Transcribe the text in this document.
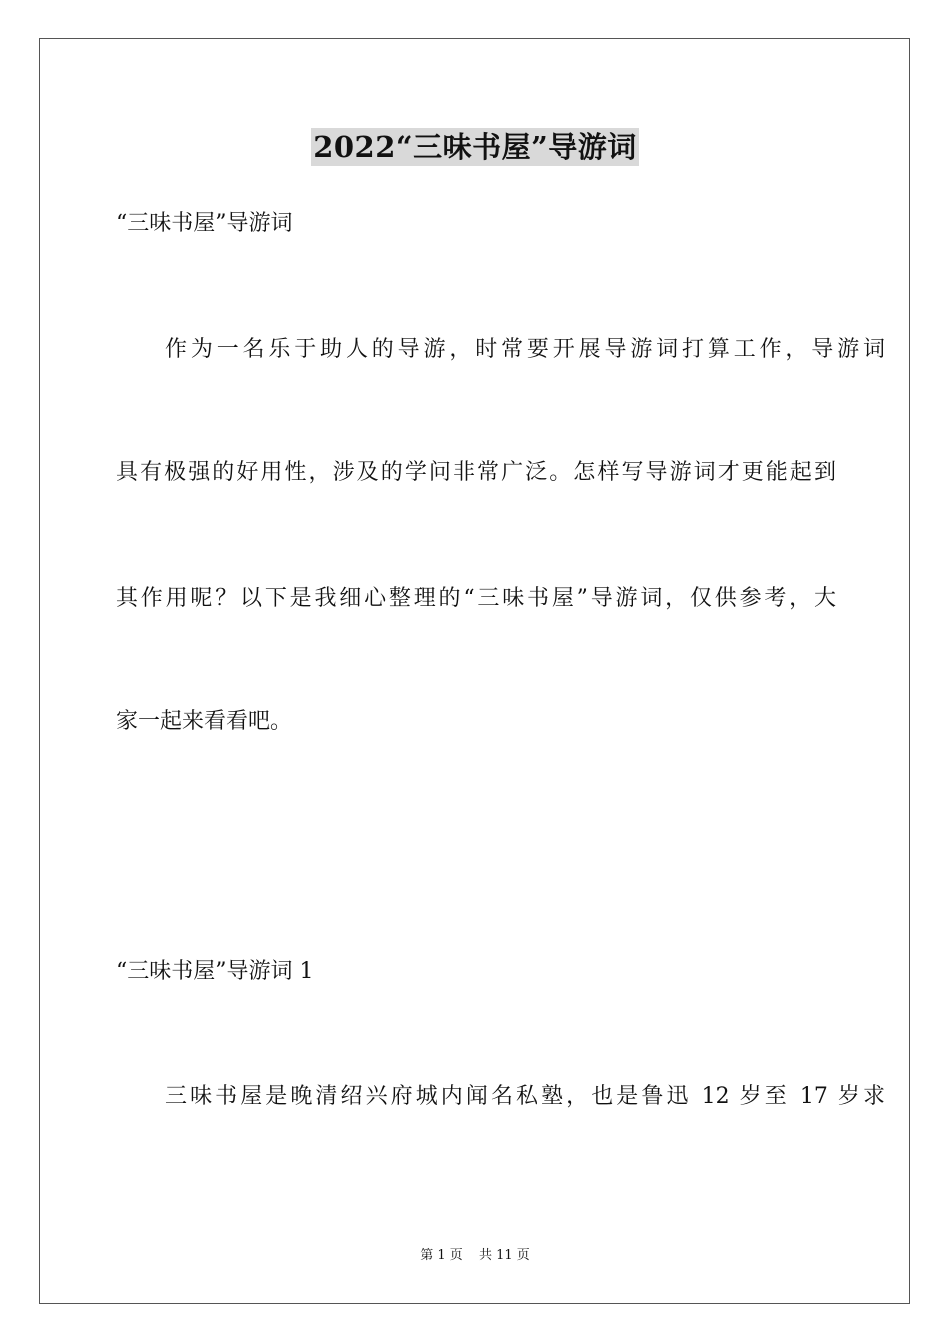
2022“三味书屋”导游词
“三味书屋”导游词
作为一名乐于助人的导游，时常要开展导游词打算工作，导游词
具有极强的好用性，涉及的学问非常广泛。怎样写导游词才更能起到
其作用呢？以下是我细心整理的“三味书屋”导游词，仅供参考，大
家一起来看看吧。
“三味书屋”导游词 1
三味书屋是晚清绍兴府城内闻名私塾，也是鲁迅 12 岁至 17 岁求
第 1 页 共 11 页
